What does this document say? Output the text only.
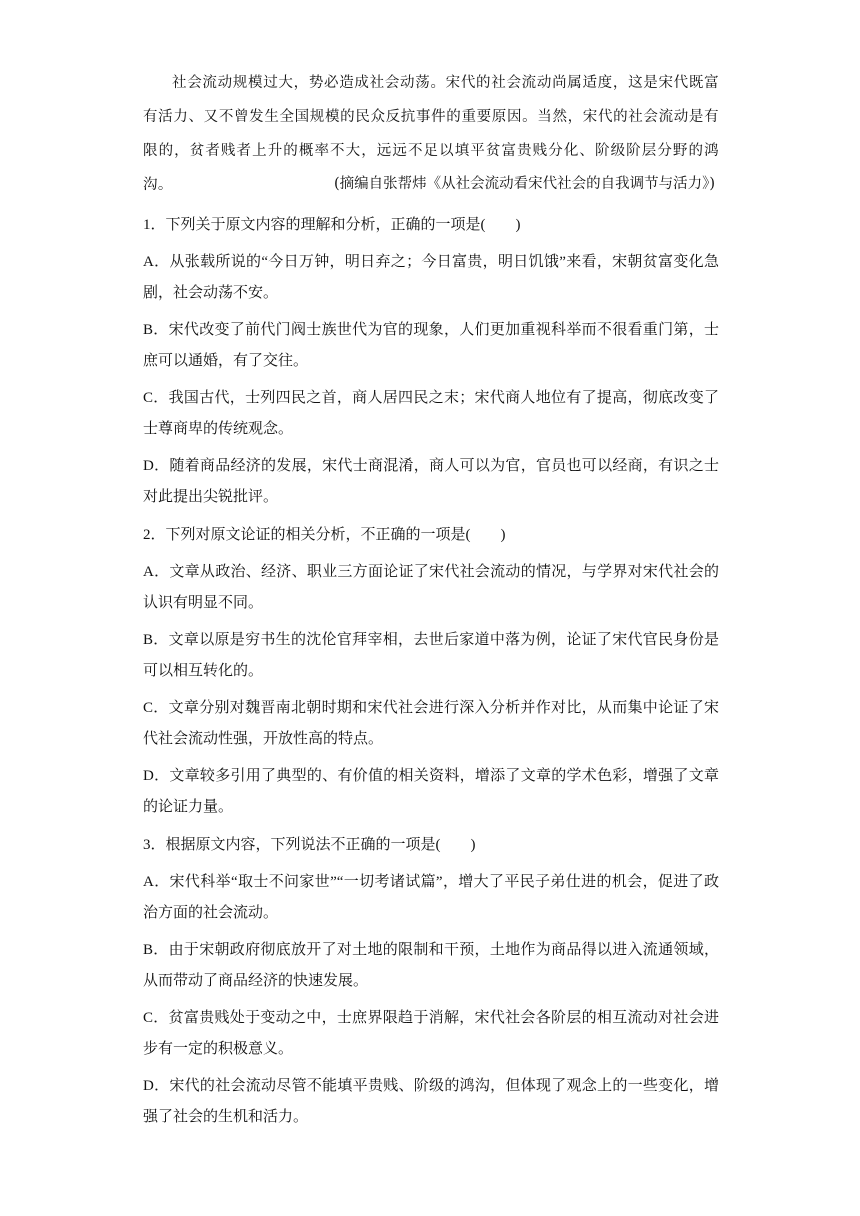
社会流动规模过大，势必造成社会动荡。宋代的社会流动尚属适度，这是宋代既富有活力、又不曾发生全国规模的民众反抗事件的重要原因。当然，宋代的社会流动是有限的，贫者贱者上升的概率不大，远远不足以填平贫富贵贱分化、阶级阶层分野的鸿沟。	(摘编自张帮炜《从社会流动看宋代社会的自我调节与活力》)
1．下列关于原文内容的理解和分析，正确的一项是(　　)
A．从张载所说的“今日万钟，明日弃之；今日富贵，明日饥饿”来看，宋朝贫富变化急剧，社会动荡不安。
B．宋代改变了前代门阀士族世代为官的现象，人们更加重视科举而不很看重门第，士庶可以通婚，有了交往。
C．我国古代，士列四民之首，商人居四民之末；宋代商人地位有了提高，彻底改变了士尊商卑的传统观念。
D．随着商品经济的发展，宋代士商混淆，商人可以为官，官员也可以经商，有识之士对此提出尖锐批评。
2．下列对原文论证的相关分析，不正确的一项是(　　)
A．文章从政治、经济、职业三方面论证了宋代社会流动的情况，与学界对宋代社会的认识有明显不同。
B．文章以原是穷书生的沈伦官拜宰相，去世后家道中落为例，论证了宋代官民身份是可以相互转化的。
C．文章分别对魏晋南北朝时期和宋代社会进行深入分析并作对比，从而集中论证了宋代社会流动性强，开放性高的特点。
D．文章较多引用了典型的、有价值的相关资料，增添了文章的学术色彩，增强了文章的论证力量。
3．根据原文内容，下列说法不正确的一项是(　　)
A．宋代科举“取士不问家世”“一切考诸试篇”，增大了平民子弟仕进的机会，促进了政治方面的社会流动。
B．由于宋朝政府彻底放开了对土地的限制和干预，土地作为商品得以进入流通领域，从而带动了商品经济的快速发展。
C．贫富贵贱处于变动之中，士庶界限趋于消解，宋代社会各阶层的相互流动对社会进步有一定的积极意义。
D．宋代的社会流动尽管不能填平贵贱、阶级的鸿沟，但体现了观念上的一些变化，增强了社会的生机和活力。
